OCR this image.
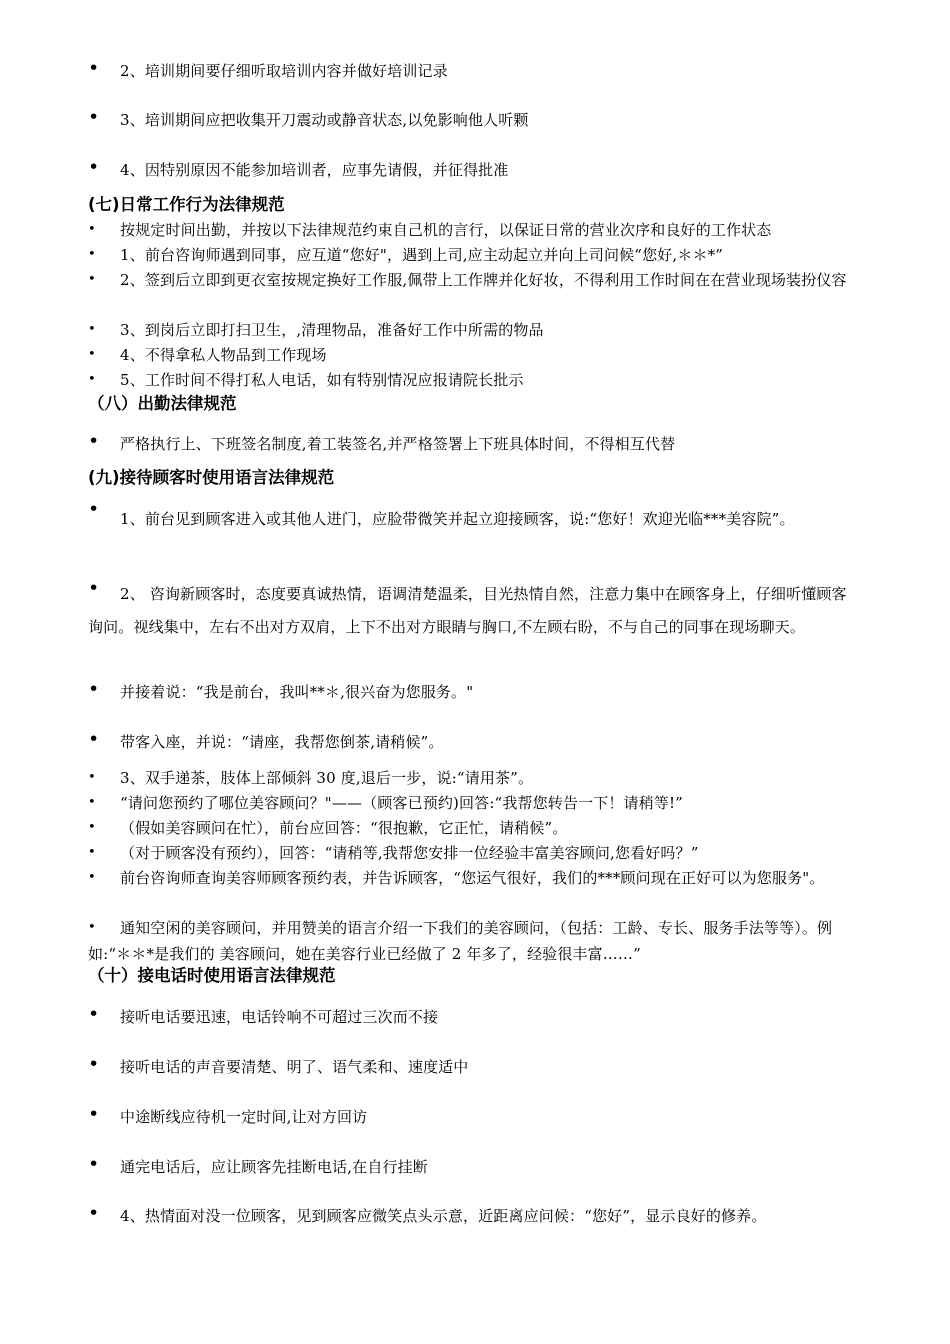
•	2、培训期间要仔细听取培训内容并做好培训记录
•	3、培训期间应把收集开刀震动或静音状态,以免影响他人听颗
•	4、因特别原因不能参加培训者，应事先请假，并征得批准
(七)日常工作行为法律规范
•	按规定时间出勤，并按以下法律规范约束自己机的言行，以保证日常的营业次序和良好的工作状态
•	1、前台咨询师遇到同事，应互道“您好"，遇到上司,应主动起立并向上司问候“您好,＊＊*”
•	2、签到后立即到更衣室按规定换好工作服,佩带上工作牌并化好妆，不得利用工作时间在在营业现场装扮仪容
•	3、到岗后立即打扫卫生，,清理物品，准备好工作中所需的物品
•	4、不得拿私人物品到工作现场
•	5、工作时间不得打私人电话，如有特别情况应报请院长批示
（八）出勤法律规范
•	严格执行上、下班签名制度,着工装签名,并严格签署上下班具体时间，不得相互代替
(九)接待顾客时使用语言法律规范
•	1、前台见到顾客进入或其他人进门，应脸带微笑并起立迎接顾客，说:“您好！欢迎光临***美容院”。
•	2、 咨询新顾客时，态度要真诚热情，语调清楚温柔，目光热情自然，注意力集中在顾客身上，仔细听懂顾客询问。视线集中，左右不出对方双肩，上下不出对方眼睛与胸口,不左顾右盼，不与自己的同事在现场聊天。
•	并接着说：“我是前台，我叫**＊,很兴奋为您服务。"
•	带客入座，并说：“请座，我帮您倒茶,请稍候”。
•	3、双手递茶，肢体上部倾斜 30 度,退后一步，说:“请用茶”。
•	“请问您预约了哪位美容顾问？"——（顾客已预约)回答:“我帮您转告一下！请稍等!”
•	（假如美容顾问在忙），前台应回答：“很抱歉，它正忙，请稍候”。
•	（对于顾客没有预约），回答：“请稍等,我帮您安排一位经验丰富美容顾问,您看好吗？”
•	前台咨询师查询美容师顾客预约表，并告诉顾客，“您运气很好，我们的***顾问现在正好可以为您服务"。
•	通知空闲的美容顾问，并用赞美的语言介绍一下我们的美容顾问，（包括：工龄、专长、服务手法等等）。例如:“＊＊*是我们的 美容顾问，她在美容行业已经做了 2 年多了，经验很丰富……”
（十）接电话时使用语言法律规范
•	接听电话要迅速，电话铃响不可超过三次而不接
•	接听电话的声音要清楚、明了、语气柔和、速度适中
•	中途断线应待机一定时间,让对方回访
•	通完电话后，应让顾客先挂断电话,在自行挂断
•	4、热情面对没一位顾客，见到顾客应微笑点头示意，近距离应问候：“您好”，显示良好的修养。
